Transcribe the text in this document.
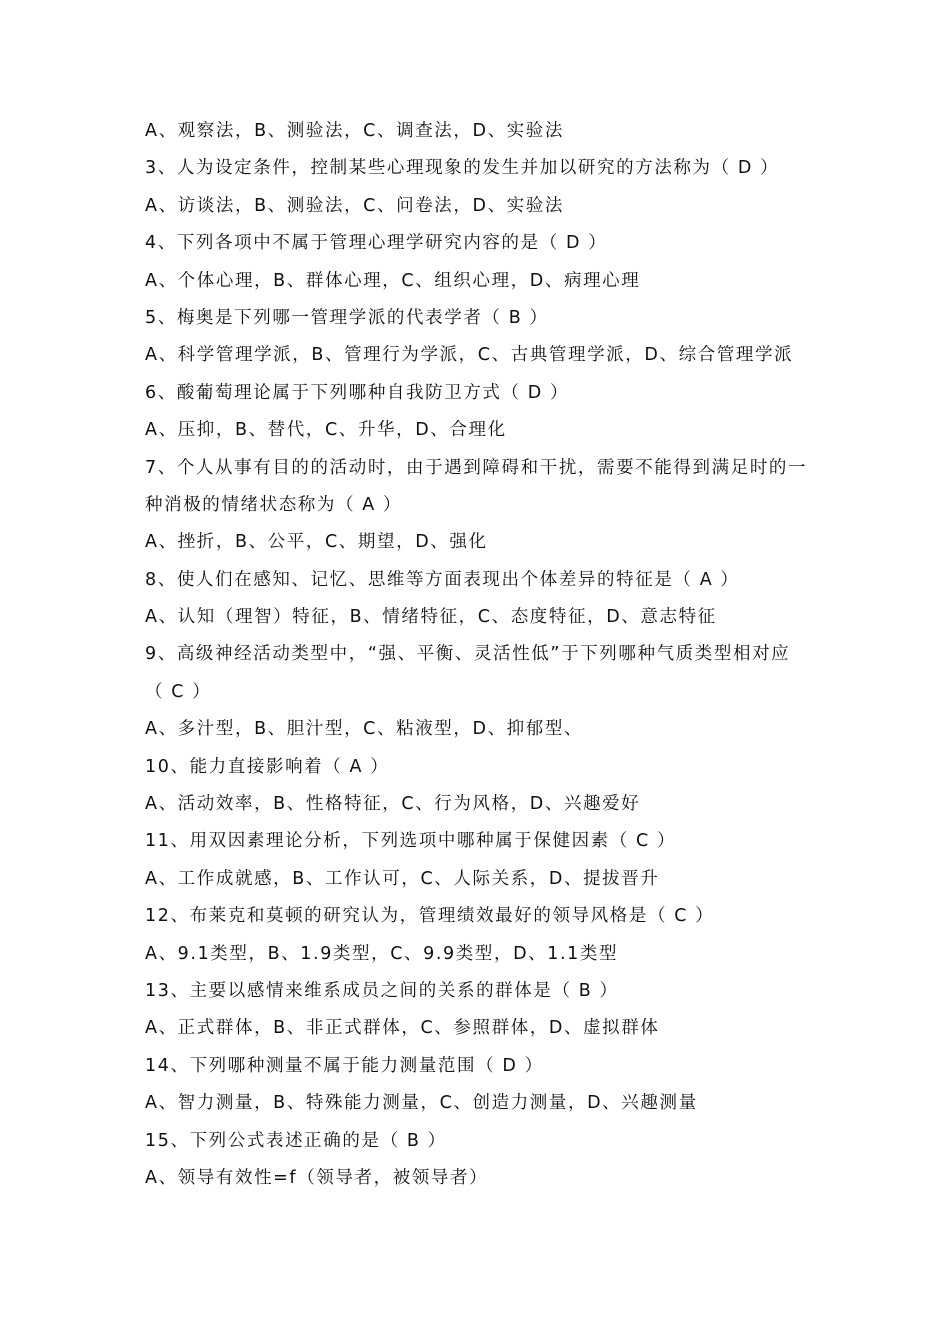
A、观察法，B、测验法，C、调查法，D、实验法
3、人为设定条件，控制某些心理现象的发生并加以研究的方法称为（ D ）
A、访谈法，B、测验法，C、问卷法，D、实验法
4、下列各项中不属于管理心理学研究内容的是（ D ）
A、个体心理，B、群体心理，C、组织心理，D、病理心理
5、梅奥是下列哪一管理学派的代表学者（ B ）
A、科学管理学派，B、管理行为学派，C、古典管理学派，D、综合管理学派
6、酸葡萄理论属于下列哪种自我防卫方式（ D ）
A、压抑，B、替代，C、升华，D、合理化
7、个人从事有目的的活动时，由于遇到障碍和干扰，需要不能得到满足时的一
种消极的情绪状态称为（ A ）
A、挫折，B、公平，C、期望，D、强化
8、使人们在感知、记忆、思维等方面表现出个体差异的特征是（ A ）
A、认知（理智）特征，B、情绪特征，C、态度特征，D、意志特征
9、高级神经活动类型中，“强、平衡、灵活性低”于下列哪种气质类型相对应
（ C ）
A、多汁型，B、胆汁型，C、粘液型，D、抑郁型、
10、能力直接影响着（ A ）
A、活动效率，B、性格特征，C、行为风格，D、兴趣爱好
11、用双因素理论分析，下列选项中哪种属于保健因素（ C ）
A、工作成就感，B、工作认可，C、人际关系，D、提拔晋升
12、布莱克和莫顿的研究认为，管理绩效最好的领导风格是（ C ）
A、9.1类型，B、1.9类型，C、9.9类型，D、1.1类型
13、主要以感情来维系成员之间的关系的群体是（ B ）
A、正式群体，B、非正式群体，C、参照群体，D、虚拟群体
14、下列哪种测量不属于能力测量范围（ D ）
A、智力测量，B、特殊能力测量，C、创造力测量，D、兴趣测量
15、下列公式表述正确的是（ B ）
A、领导有效性=f（领导者，被领导者）
